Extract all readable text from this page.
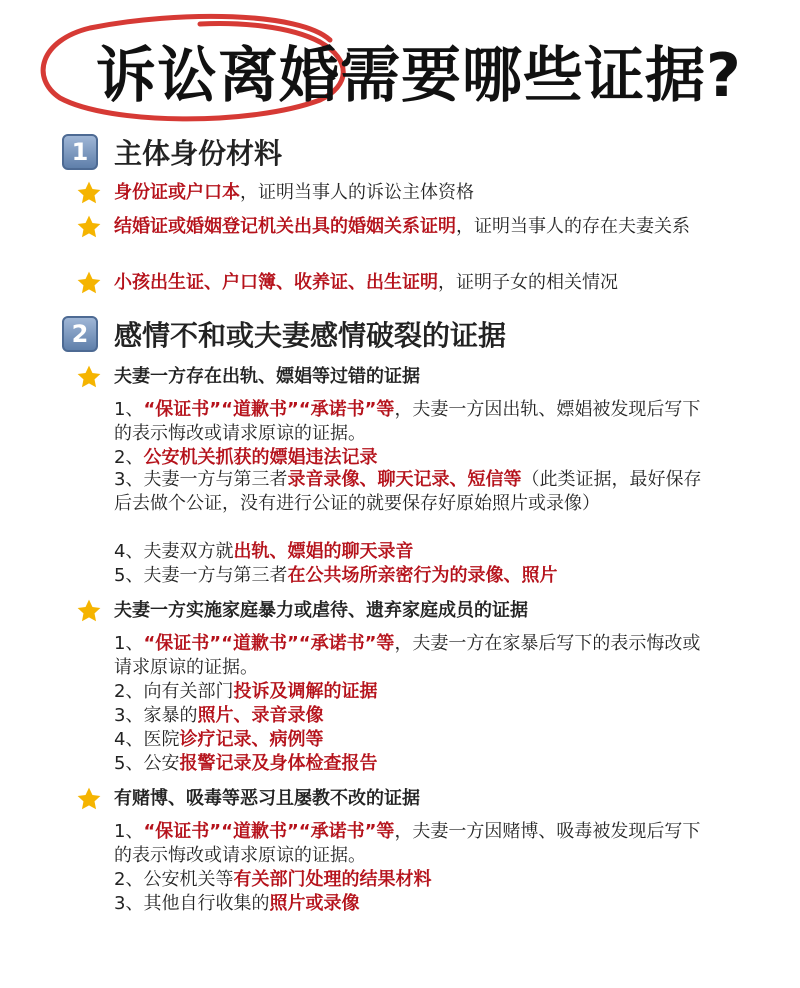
诉讼离婚需要哪些证据?
1 主体身份材料
身份证或户口本，证明当事人的诉讼主体资格
结婚证或婚姻登记机关出具的婚姻关系证明，证明当事人的存在夫妻关系
小孩出生证、户口簿、收养证、出生证明，证明子女的相关情况
2 感情不和或夫妻感情破裂的证据
夫妻一方存在出轨、嫖娼等过错的证据
1、“保证书”“道歉书”“承诺书”等，夫妻一方因出轨、嫖娼被发现后写下的表示悔改或请求原谅的证据。
2、公安机关抓获的嫖娼违法记录
3、夫妻一方与第三者录音录像、聊天记录、短信等（此类证据，最好保存后去做个公证，没有进行公证的就要保存好原始照片或录像）
4、夫妻双方就出轨、嫖娼的聊天录音
5、夫妻一方与第三者在公共场所亲密行为的录像、照片
夫妻一方实施家庭暴力或虐待、遗弃家庭成员的证据
1、“保证书”“道歉书”“承诺书”等，夫妻一方在家暴后写下的表示悔改或请求原谅的证据。
2、向有关部门投诉及调解的证据
3、家暴的照片、录音录像
4、医院诊疗记录、病例等
5、公安报警记录及身体检查报告
有赌博、吸毒等恶习且屡教不改的证据
1、“保证书”“道歉书”“承诺书”等，夫妻一方因赌博、吸毒被发现后写下的表示悔改或请求原谅的证据。
2、公安机关等有关部门处理的结果材料
3、其他自行收集的照片或录像
